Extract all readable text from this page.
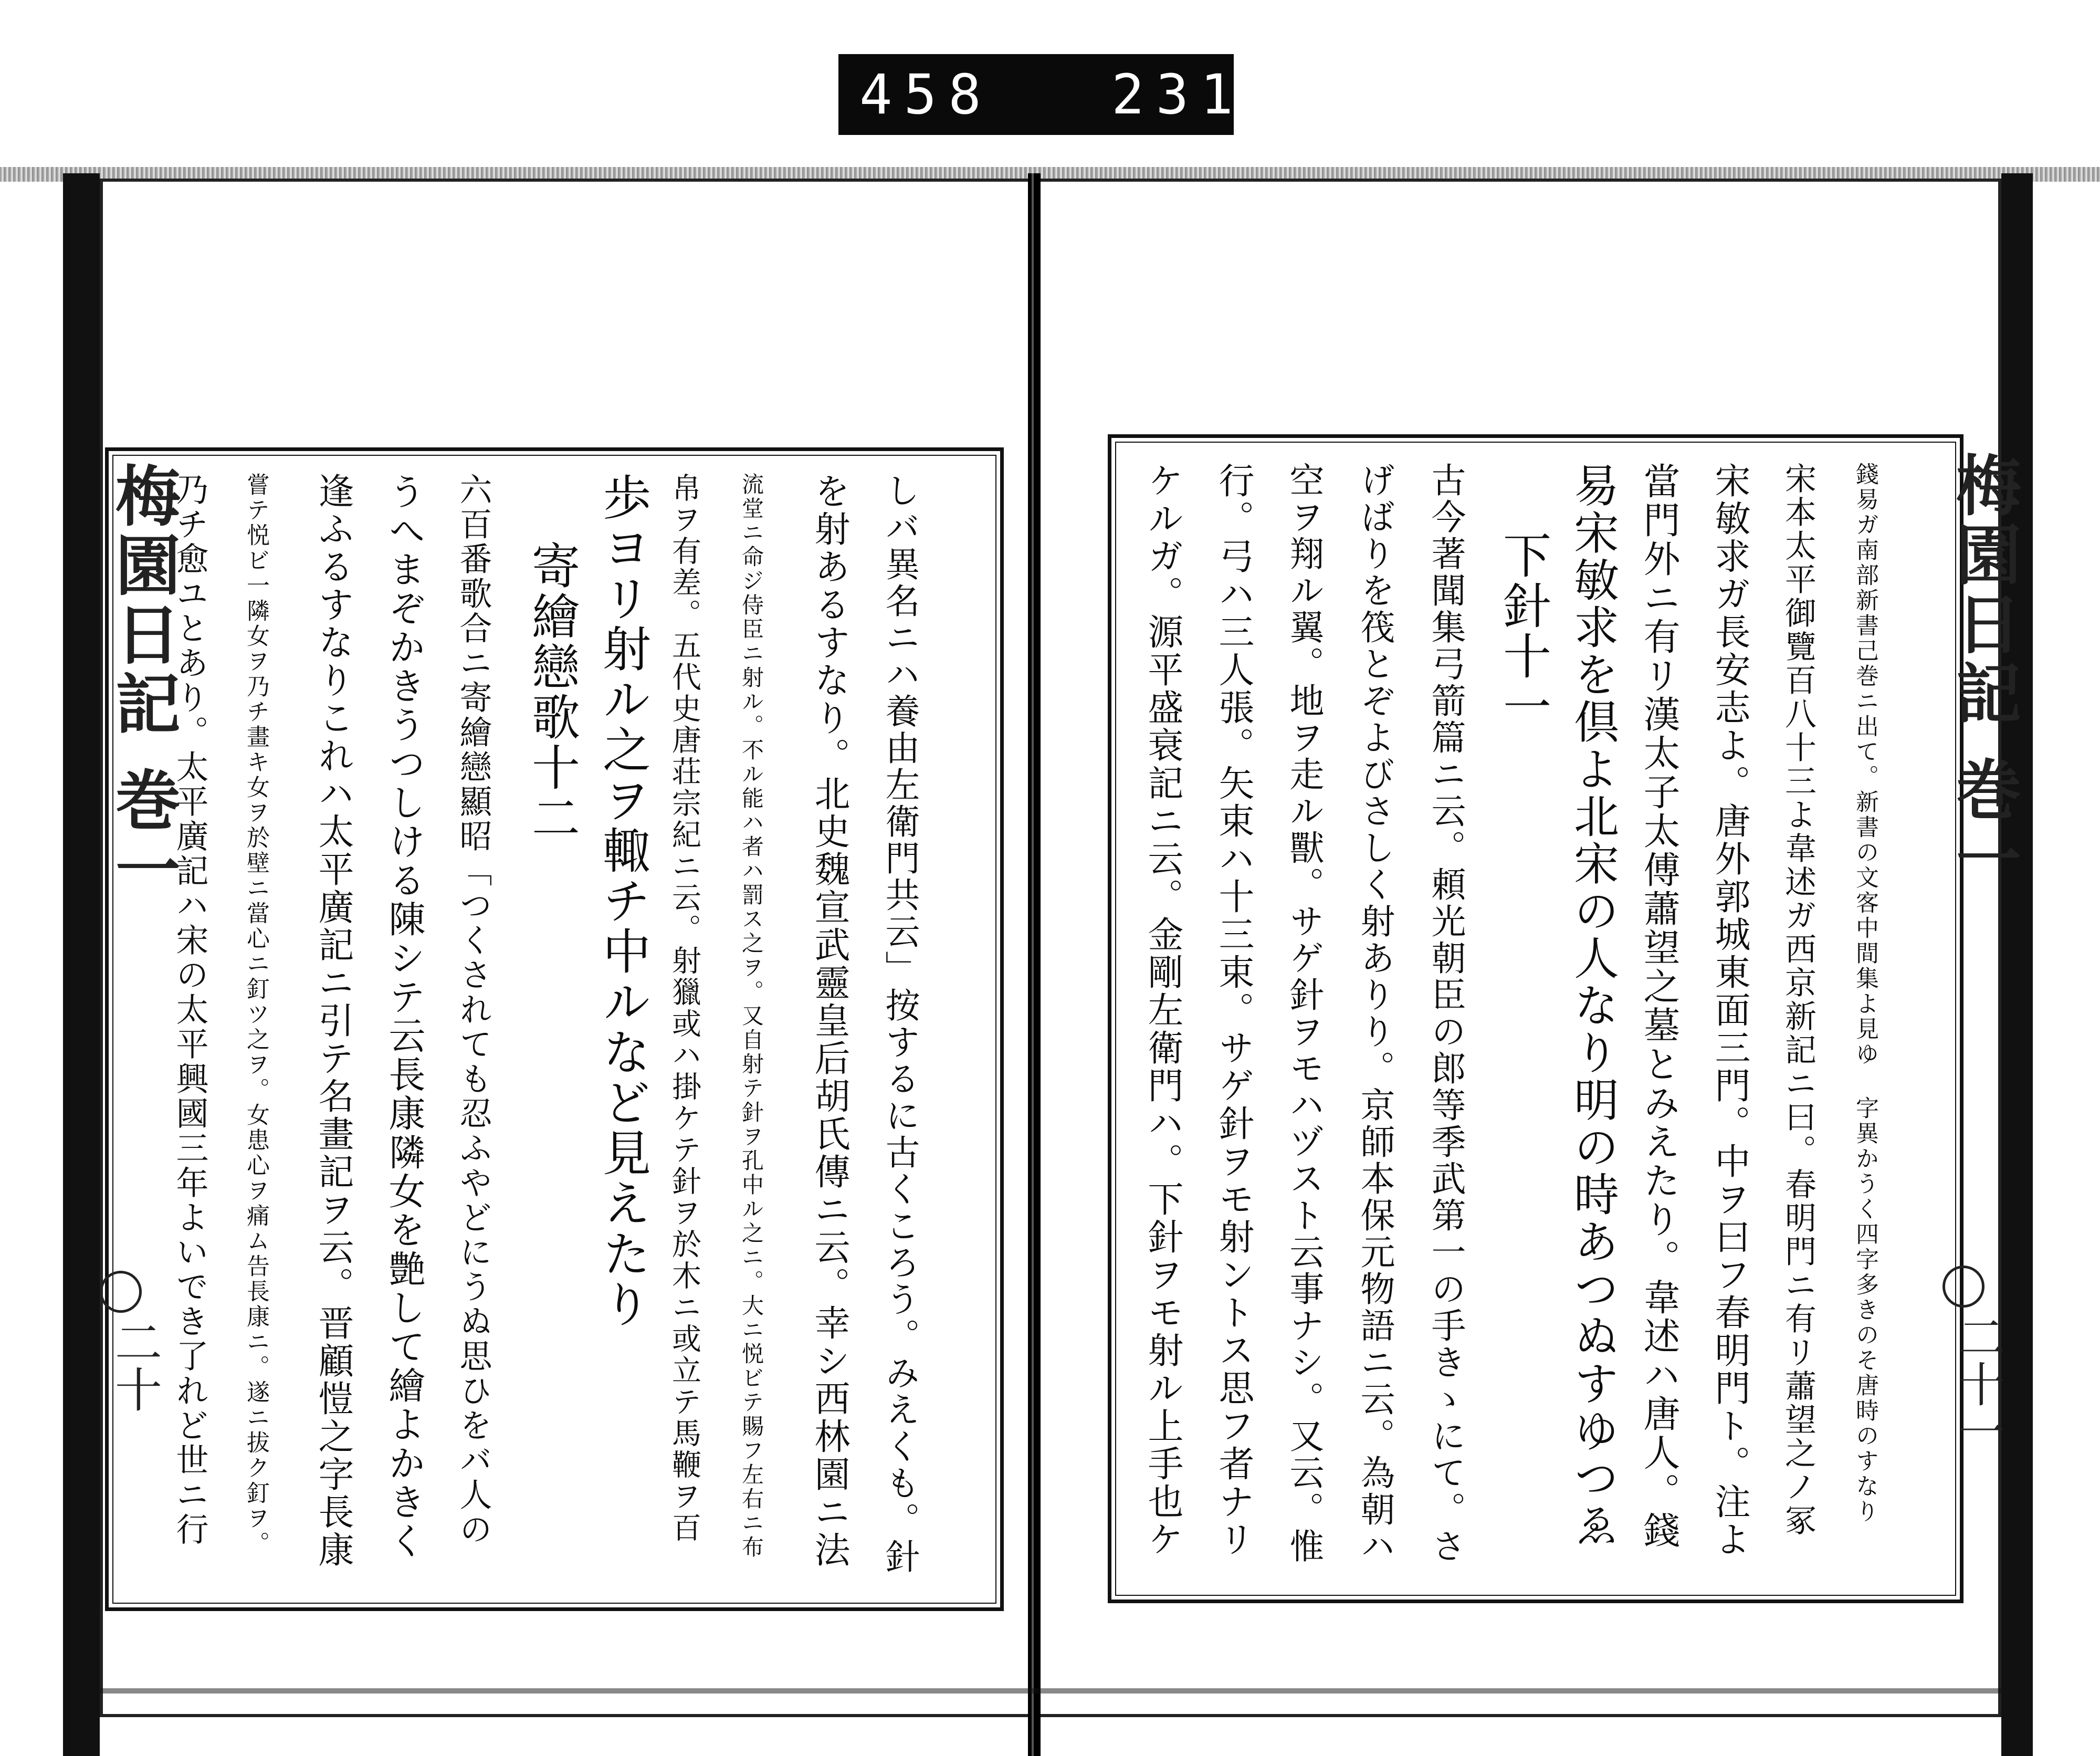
458 231
梅園日記 巻一	梅園日記 巻一
二十	二十一
乃チ愈ユとあり。太平廣記ハ宋の太平興國三年よいでき了れど世ニ行 嘗テ悦ビ一隣女ヲ乃チ畫キ女ヲ於壁ニ當心ニ釘ツ之ヲ。女患心ヲ痛ム告長康ニ。遂ニ拔ク釘ヲ。 逢ふるすなりこれハ太平廣記ニ引テ名畫記ヲ云。晋顧愷之字長康 うへまぞかきうつしける陳シテ云長康隣女を艶して繪よかきく 六百番歌合ニ寄繪戀顯昭「つくされても忍ふやどにうぬ思ひをバ人の 寄繪戀歌十二 歩ヨリ射ル之ヲ輙チ中ルなど見えたり 帛ヲ有差。五代史唐荘宗紀ニ云。射獵或ハ掛ケテ針ヲ於木ニ或立テ馬鞭ヲ百 流堂ニ命ジ侍臣ニ射ル。不ル能ハ者ハ罰ス之ヲ。又自射テ針ヲ孔中ル之ニ。大ニ悦ビテ賜フ左右ニ布 を射あるすなり。北史魏宣武靈皇后胡氏傳ニ云。幸シ西林園ニ法 しバ異名ニハ養由左衛門共云」按するに古くころう。みえくも。針	ケルガ。源平盛衰記ニ云。金剛左衛門ハ。下針ヲモ射ル上手也ケ 行。弓ハ三人張。矢束ハ十三束。サゲ針ヲモ射ントス思フ者ナリ 空ヲ翔ル翼。地ヲ走ル獸。サゲ針ヲモハヅスト云事ナシ。又云。惟 げばりを筏とぞよびさしく射ありり。京師本保元物語ニ云。為朝ハ 古今著聞集弓箭篇ニ云。頼光朝臣の郎等季武第一の手きゝにて。さ 下針十一 易宋敏求を倶よ北宋の人なり明の時あつぬすゆつゑ 當門外ニ有リ漢太子太傅蕭望之墓とみえたり。韋述ハ唐人。錢 宋敏求ガ長安志よ。唐外郭城東面三門。中ヲ曰フ春明門ト。注よ 宋本太平御覽百八十三よ韋述ガ西京新記ニ曰。春明門ニ有リ蕭望之ノ冢 錢易ガ南部新書己巻ニ出て。新書の文客中間集よ見ゆ 字異かうく四字多きのそ唐時のすなり
